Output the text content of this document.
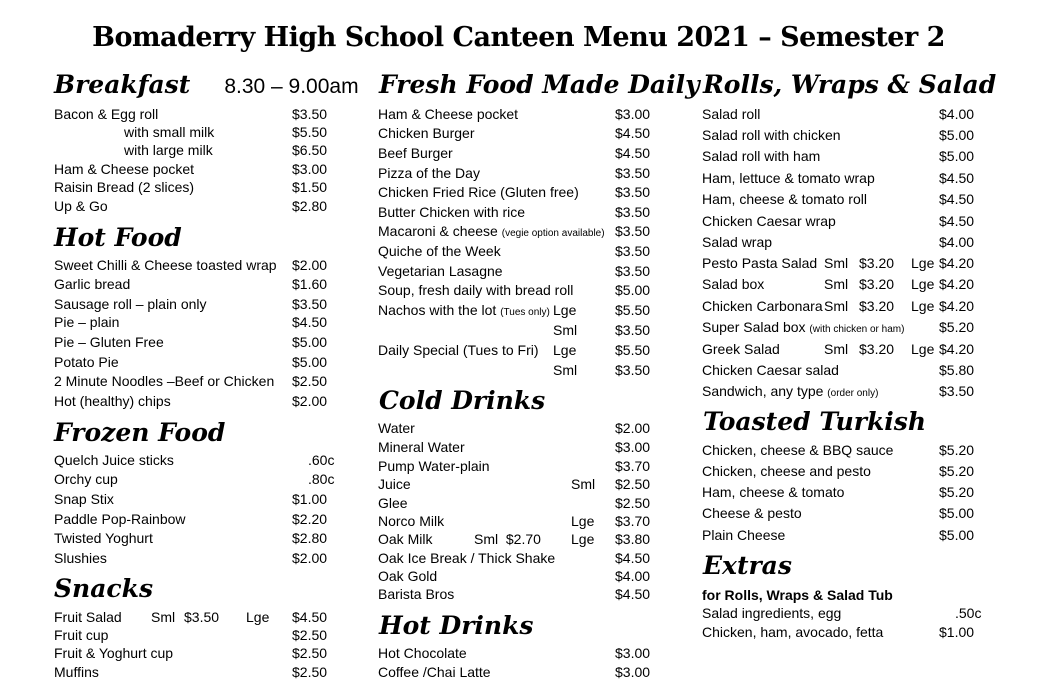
Bomaderry High School Canteen Menu 2021 – Semester 2
Breakfast 8.30 – 9.00am
Bacon & Egg roll	$3.50
with small milk	$5.50
with large milk	$6.50
Ham & Cheese pocket	$3.00
Raisin Bread (2 slices)	$1.50
Up & Go	$2.80
Hot Food
Sweet Chilli & Cheese toasted wrap $2.00
Garlic bread	$1.60
Sausage roll – plain only	$3.50
Pie – plain	$4.50
Pie – Gluten Free	$5.00
Potato Pie	$5.00
2 Minute Noodles –Beef or Chicken $2.50
Hot (healthy) chips	$2.00
Frozen Food
Quelch Juice sticks	.60c
Orchy cup	.80c
Snap Stix	$1.00
Paddle Pop-Rainbow	$2.20
Twisted Yoghurt	$2.80
Slushies	$2.00
Snacks
Fruit Salad Sml $3.50 Lge $4.50
Fruit cup	$2.50
Fruit & Yoghurt cup	$2.50
Muffins	$2.50
Fresh Food Made Daily
Ham & Cheese pocket	$3.00
Chicken Burger	$4.50
Beef Burger	$4.50
Pizza of the Day	$3.50
Chicken Fried Rice (Gluten free)	$3.50
Butter Chicken with rice	$3.50
Macaroni & cheese (vegie option available) $3.50
Quiche of the Week	$3.50
Vegetarian Lasagne	$3.50
Soup, fresh daily with bread roll	$5.00
Nachos with the lot (Tues only) Lge	$5.50
Sml	$3.50
Daily Special (Tues to Fri) Lge	$5.50
Sml	$3.50
Cold Drinks
Water	$2.00
Mineral Water	$3.00
Pump Water-plain	$3.70
Juice	Sml $2.50
Glee	$2.50
Norco Milk	Lge $3.70
Oak Milk	Sml  $2.70 Lge $3.80
Oak Ice Break / Thick Shake	$4.50
Oak Gold	$4.00
Barista Bros	$4.50
Hot Drinks
Hot Chocolate	$3.00
Coffee /Chai Latte	$3.00
Rolls, Wraps & Salad
Salad roll	$4.00
Salad roll with chicken	$5.00
Salad roll with ham	$5.00
Ham, lettuce & tomato wrap	$4.50
Ham, cheese & tomato roll	$4.50
Chicken Caesar wrap	$4.50
Salad wrap	$4.00
Pesto Pasta Salad Sml $3.20 Lge $4.20
Salad box	Sml $3.20 Lge $4.20
Chicken Carbonara Sml $3.20 Lge $4.20
Super Salad box (with chicken or ham) $5.20
Greek Salad	Sml $3.20 Lge $4.20
Chicken Caesar salad	$5.80
Sandwich, any type (order only)	$3.50
Toasted Turkish
Chicken, cheese & BBQ sauce	$5.20
Chicken, cheese and pesto	$5.20
Ham, cheese & tomato	$5.20
Cheese & pesto	$5.00
Plain Cheese	$5.00
Extras
for Rolls, Wraps & Salad Tub
Salad ingredients, egg	.50c
Chicken, ham, avocado, fetta	$1.00
